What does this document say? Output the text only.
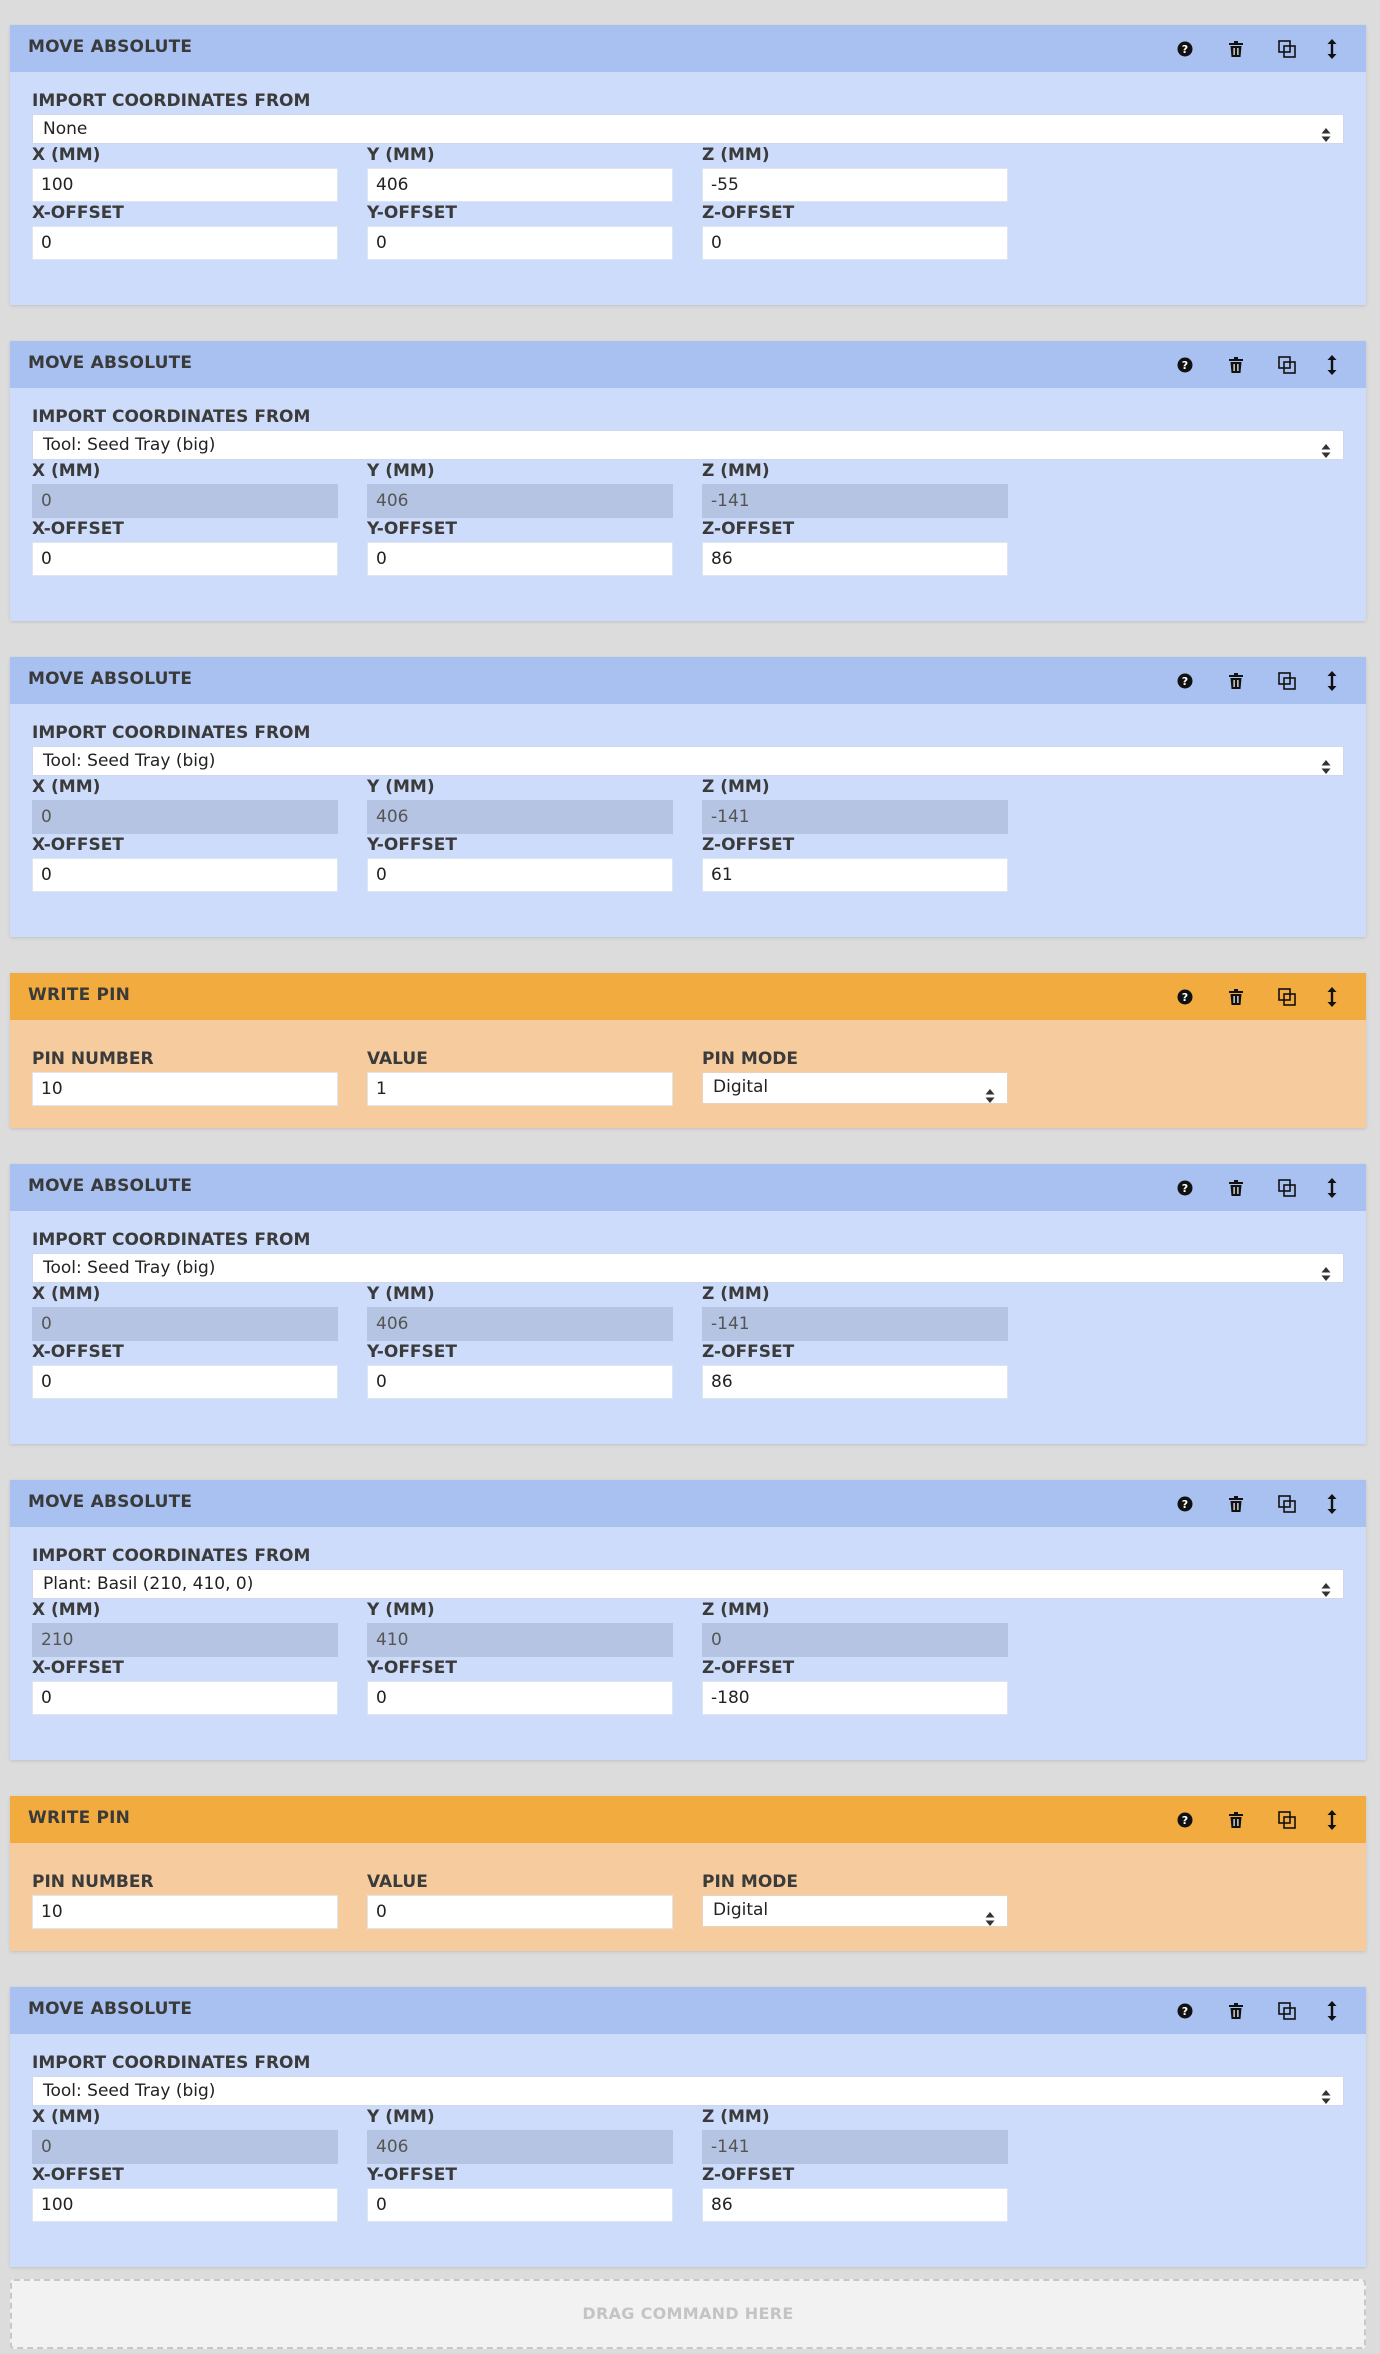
MOVE ABSOLUTE	?
IMPORT COORDINATES FROM
None
X (MM)
100
Y (MM)
406
Z (MM)
-55
X-OFFSET
0
Y-OFFSET
0
Z-OFFSET
0
MOVE ABSOLUTE	?
IMPORT COORDINATES FROM
Tool: Seed Tray (big)
X (MM)
0
Y (MM)
406
Z (MM)
-141
X-OFFSET
0
Y-OFFSET
0
Z-OFFSET
86
MOVE ABSOLUTE	?
IMPORT COORDINATES FROM
Tool: Seed Tray (big)
X (MM)
0
Y (MM)
406
Z (MM)
-141
X-OFFSET
0
Y-OFFSET
0
Z-OFFSET
61
WRITE PIN	?
PIN NUMBER
10
VALUE
1
PIN MODE
Digital
MOVE ABSOLUTE	?
IMPORT COORDINATES FROM
Tool: Seed Tray (big)
X (MM)
0
Y (MM)
406
Z (MM)
-141
X-OFFSET
0
Y-OFFSET
0
Z-OFFSET
86
MOVE ABSOLUTE	?
IMPORT COORDINATES FROM
Plant: Basil (210, 410, 0)
X (MM)
210
Y (MM)
410
Z (MM)
0
X-OFFSET
0
Y-OFFSET
0
Z-OFFSET
-180
WRITE PIN	?
PIN NUMBER
10
VALUE
0
PIN MODE
Digital
MOVE ABSOLUTE	?
IMPORT COORDINATES FROM
Tool: Seed Tray (big)
X (MM)
0
Y (MM)
406
Z (MM)
-141
X-OFFSET
100
Y-OFFSET
0
Z-OFFSET
86
DRAG COMMAND HERE
